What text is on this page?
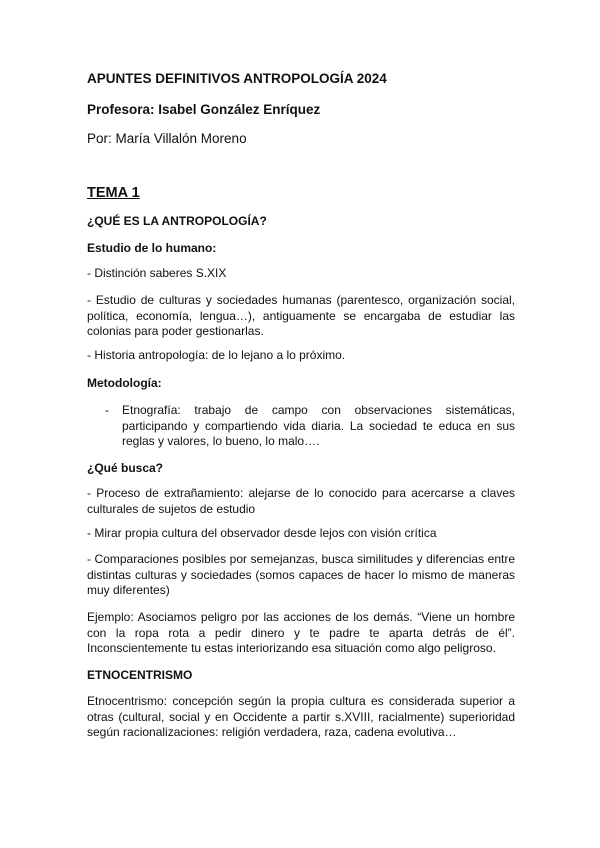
APUNTES DEFINITIVOS ANTROPOLOGÍA 2024
Profesora: Isabel González Enríquez
Por: María Villalón Moreno
TEMA 1
¿QUÉ ES LA ANTROPOLOGÍA?
Estudio de lo humano:

- Distinción saberes S.XIX

- Estudio de culturas y sociedades humanas (parentesco, organización social, política, economía, lengua…), antiguamente se encargaba de estudiar las colonias para poder gestionarlas.

- Historia antropología: de lo lejano a lo próximo.

Metodología:
- Etnografía: trabajo de campo con observaciones sistemáticas, participando y compartiendo vida diaria. La sociedad te educa en sus reglas y valores, lo bueno, lo malo….

¿Qué busca?

- Proceso de extrañamiento: alejarse de lo conocido para acercarse a claves culturales de sujetos de estudio

- Mirar propia cultura del observador desde lejos con visión crítica

- Comparaciones posibles por semejanzas, busca similitudes y diferencias entre distintas culturas y sociedades (somos capaces de hacer lo mismo de maneras muy diferentes)

Ejemplo: Asociamos peligro por las acciones de los demás. “Viene un hombre con la ropa rota a pedir dinero y te padre te aparta detrás de él”. Inconscientemente tu estas interiorizando esa situación como algo peligroso.

ETNOCENTRISMO

Etnocentrismo: concepción según la propia cultura es considerada superior a otras (cultural, social y en Occidente a partir s.XVIII, racialmente) superioridad según racionalizaciones: religión verdadera, raza, cadena evolutiva…
